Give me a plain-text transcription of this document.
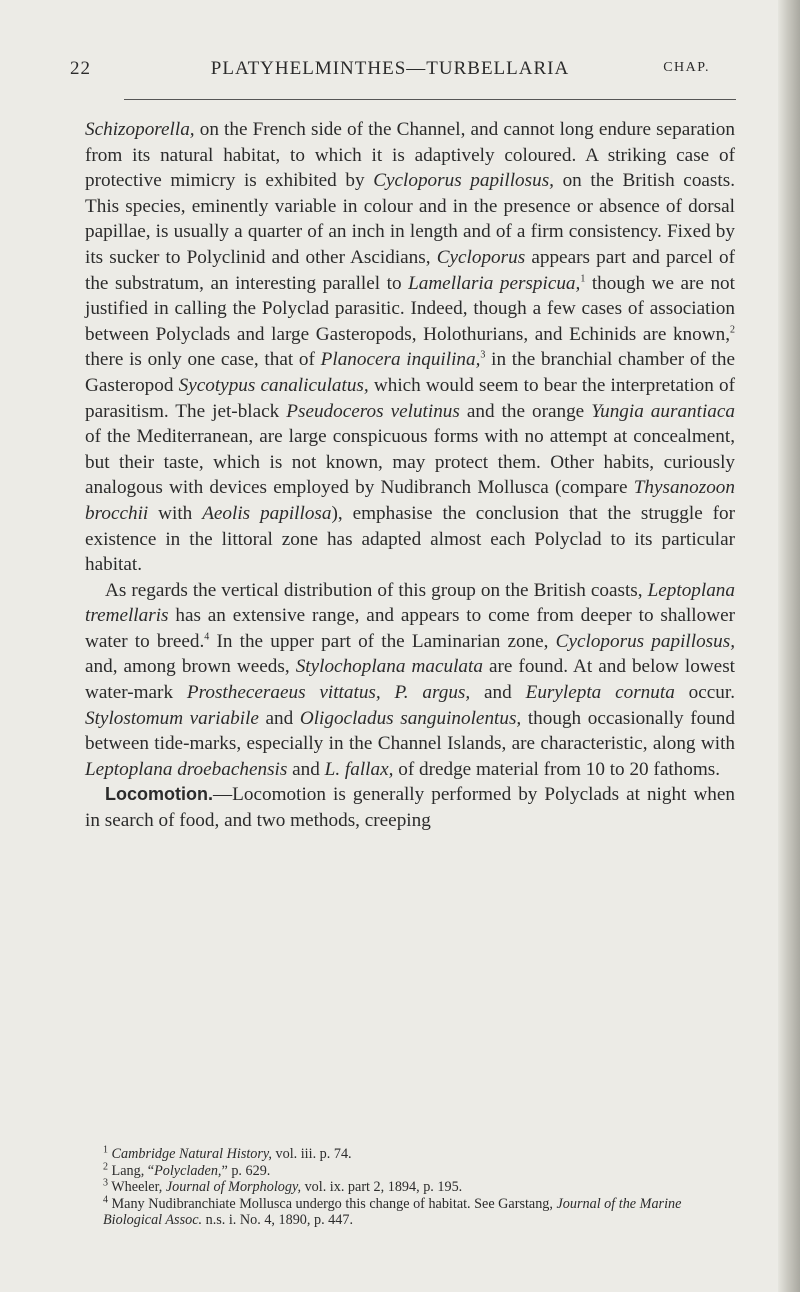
22	PLATYHELMINTHES—TURBELLARIA	CHAP.

Schizoporella, on the French side of the Channel, and cannot long endure separation from its natural habitat, to which it is adaptively coloured. A striking case of protective mimicry is exhibited by Cycloporus papillosus, on the British coasts. This species, eminently variable in colour and in the presence or absence of dorsal papillae, is usually a quarter of an inch in length and of a firm consistency. Fixed by its sucker to Polyclinid and other Ascidians, Cycloporus appears part and parcel of the substratum, an interesting parallel to Lamellaria perspicua,$^1$ though we are not justified in calling the Polyclad parasitic. Indeed, though a few cases of association between Polyclads and large Gasteropods, Holothurians, and Echinids are known,$^2$ there is only one case, that of Planocera inquilina,$^3$ in the branchial chamber of the Gasteropod Sycotypus canaliculatus, which would seem to bear the interpretation of parasitism. The jet-black Pseudoceros velutinus and the orange Yungia aurantiaca of the Mediterranean, are large conspicuous forms with no attempt at concealment, but their taste, which is not known, may protect them. Other habits, curiously analogous with devices employed by Nudibranch Mollusca (compare Thysanozoon brocchii with Aeolis papillosa), emphasise the conclusion that the struggle for existence in the littoral zone has adapted almost each Polyclad to its particular habitat.

As regards the vertical distribution of this group on the British coasts, Leptoplana tremellaris has an extensive range, and appears to come from deeper to shallower water to breed.$^4$ In the upper part of the Laminarian zone, Cycloporus papillosus, and, among brown weeds, Stylochoplana maculata are found. At and below lowest water-mark Prostheceraeus vittatus, P. argus, and Eurylepta cornuta occur. Stylostomum variabile and Oligocladus sanguinolentus, though occasionally found between tide-marks, especially in the Channel Islands, are characteristic, along with Leptoplana droebachensis and L. fallax, of dredge material from 10 to 20 fathoms.

Locomotion.—Locomotion is generally performed by Polyclads at night when in search of food, and two methods, creeping

$^1$ Cambridge Natural History, vol. iii. p. 74.

$^2$ Lang, “Polycladen,” p. 629.

$^3$ Wheeler, Journal of Morphology, vol. ix. part 2, 1894, p. 195.

$^4$ Many Nudibranchiate Mollusca undergo this change of habitat. See Garstang, Journal of the Marine Biological Assoc. n.s. i. No. 4, 1890, p. 447.
